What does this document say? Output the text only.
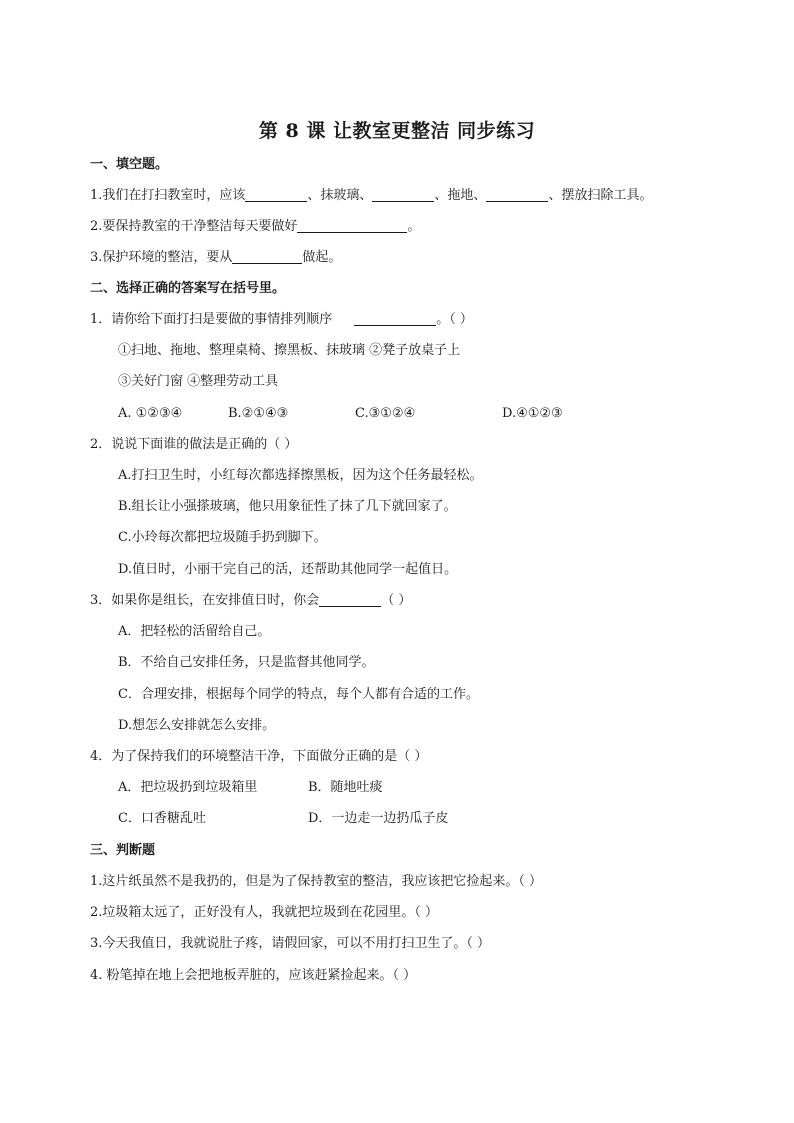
第 8 课 让教室更整洁 同步练习
一、填空题。
1.我们在打扫教室时，应该	、抹玻璃、	、拖地、	、摆放扫除工具。
2.要保持教室的干净整洁每天要做好	。
3.保护环境的整洁，要从	做起。
二、选择正确的答案写在括号里。
1．请你给下面打扫是要做的事情排列顺序	。（ ）
①扫地、拖地、整理桌椅、擦黑板、抹玻璃 ②凳子放桌子上
③关好门窗 ④整理劳动工具
A. ①②③④	B.②①④③	C.③①②④	D.④①②③
2．说说下面谁的做法是正确的（ ）
A.打扫卫生时，小红每次都选择擦黑板，因为这个任务最轻松。
B.组长让小强搽玻璃，他只用象征性了抹了几下就回家了。
C.小玲每次都把垃圾随手扔到脚下。
D.值日时，小丽干完自己的活，还帮助其他同学一起值日。
3．如果你是组长，在安排值日时，你会	（ ）
A．把轻松的活留给自己。
B．不给自己安排任务，只是监督其他同学。
C．合理安排，根据每个同学的特点，每个人都有合适的工作。
D.想怎么安排就怎么安排。
4．为了保持我们的环境整洁干净，下面做分正确的是（ ）
A．把垃圾扔到垃圾箱里	B．随地吐痰
C．口香糖乱吐	D．一边走一边扔瓜子皮
三、判断题
1.这片纸虽然不是我扔的，但是为了保持教室的整洁，我应该把它捡起来。（ ）
2.垃圾箱太远了，正好没有人，我就把垃圾到在花园里。（ ）
3.今天我值日，我就说肚子疼，请假回家，可以不用打扫卫生了。（ ）
4. 粉笔掉在地上会把地板弄脏的，应该赶紧捡起来。（ ）
